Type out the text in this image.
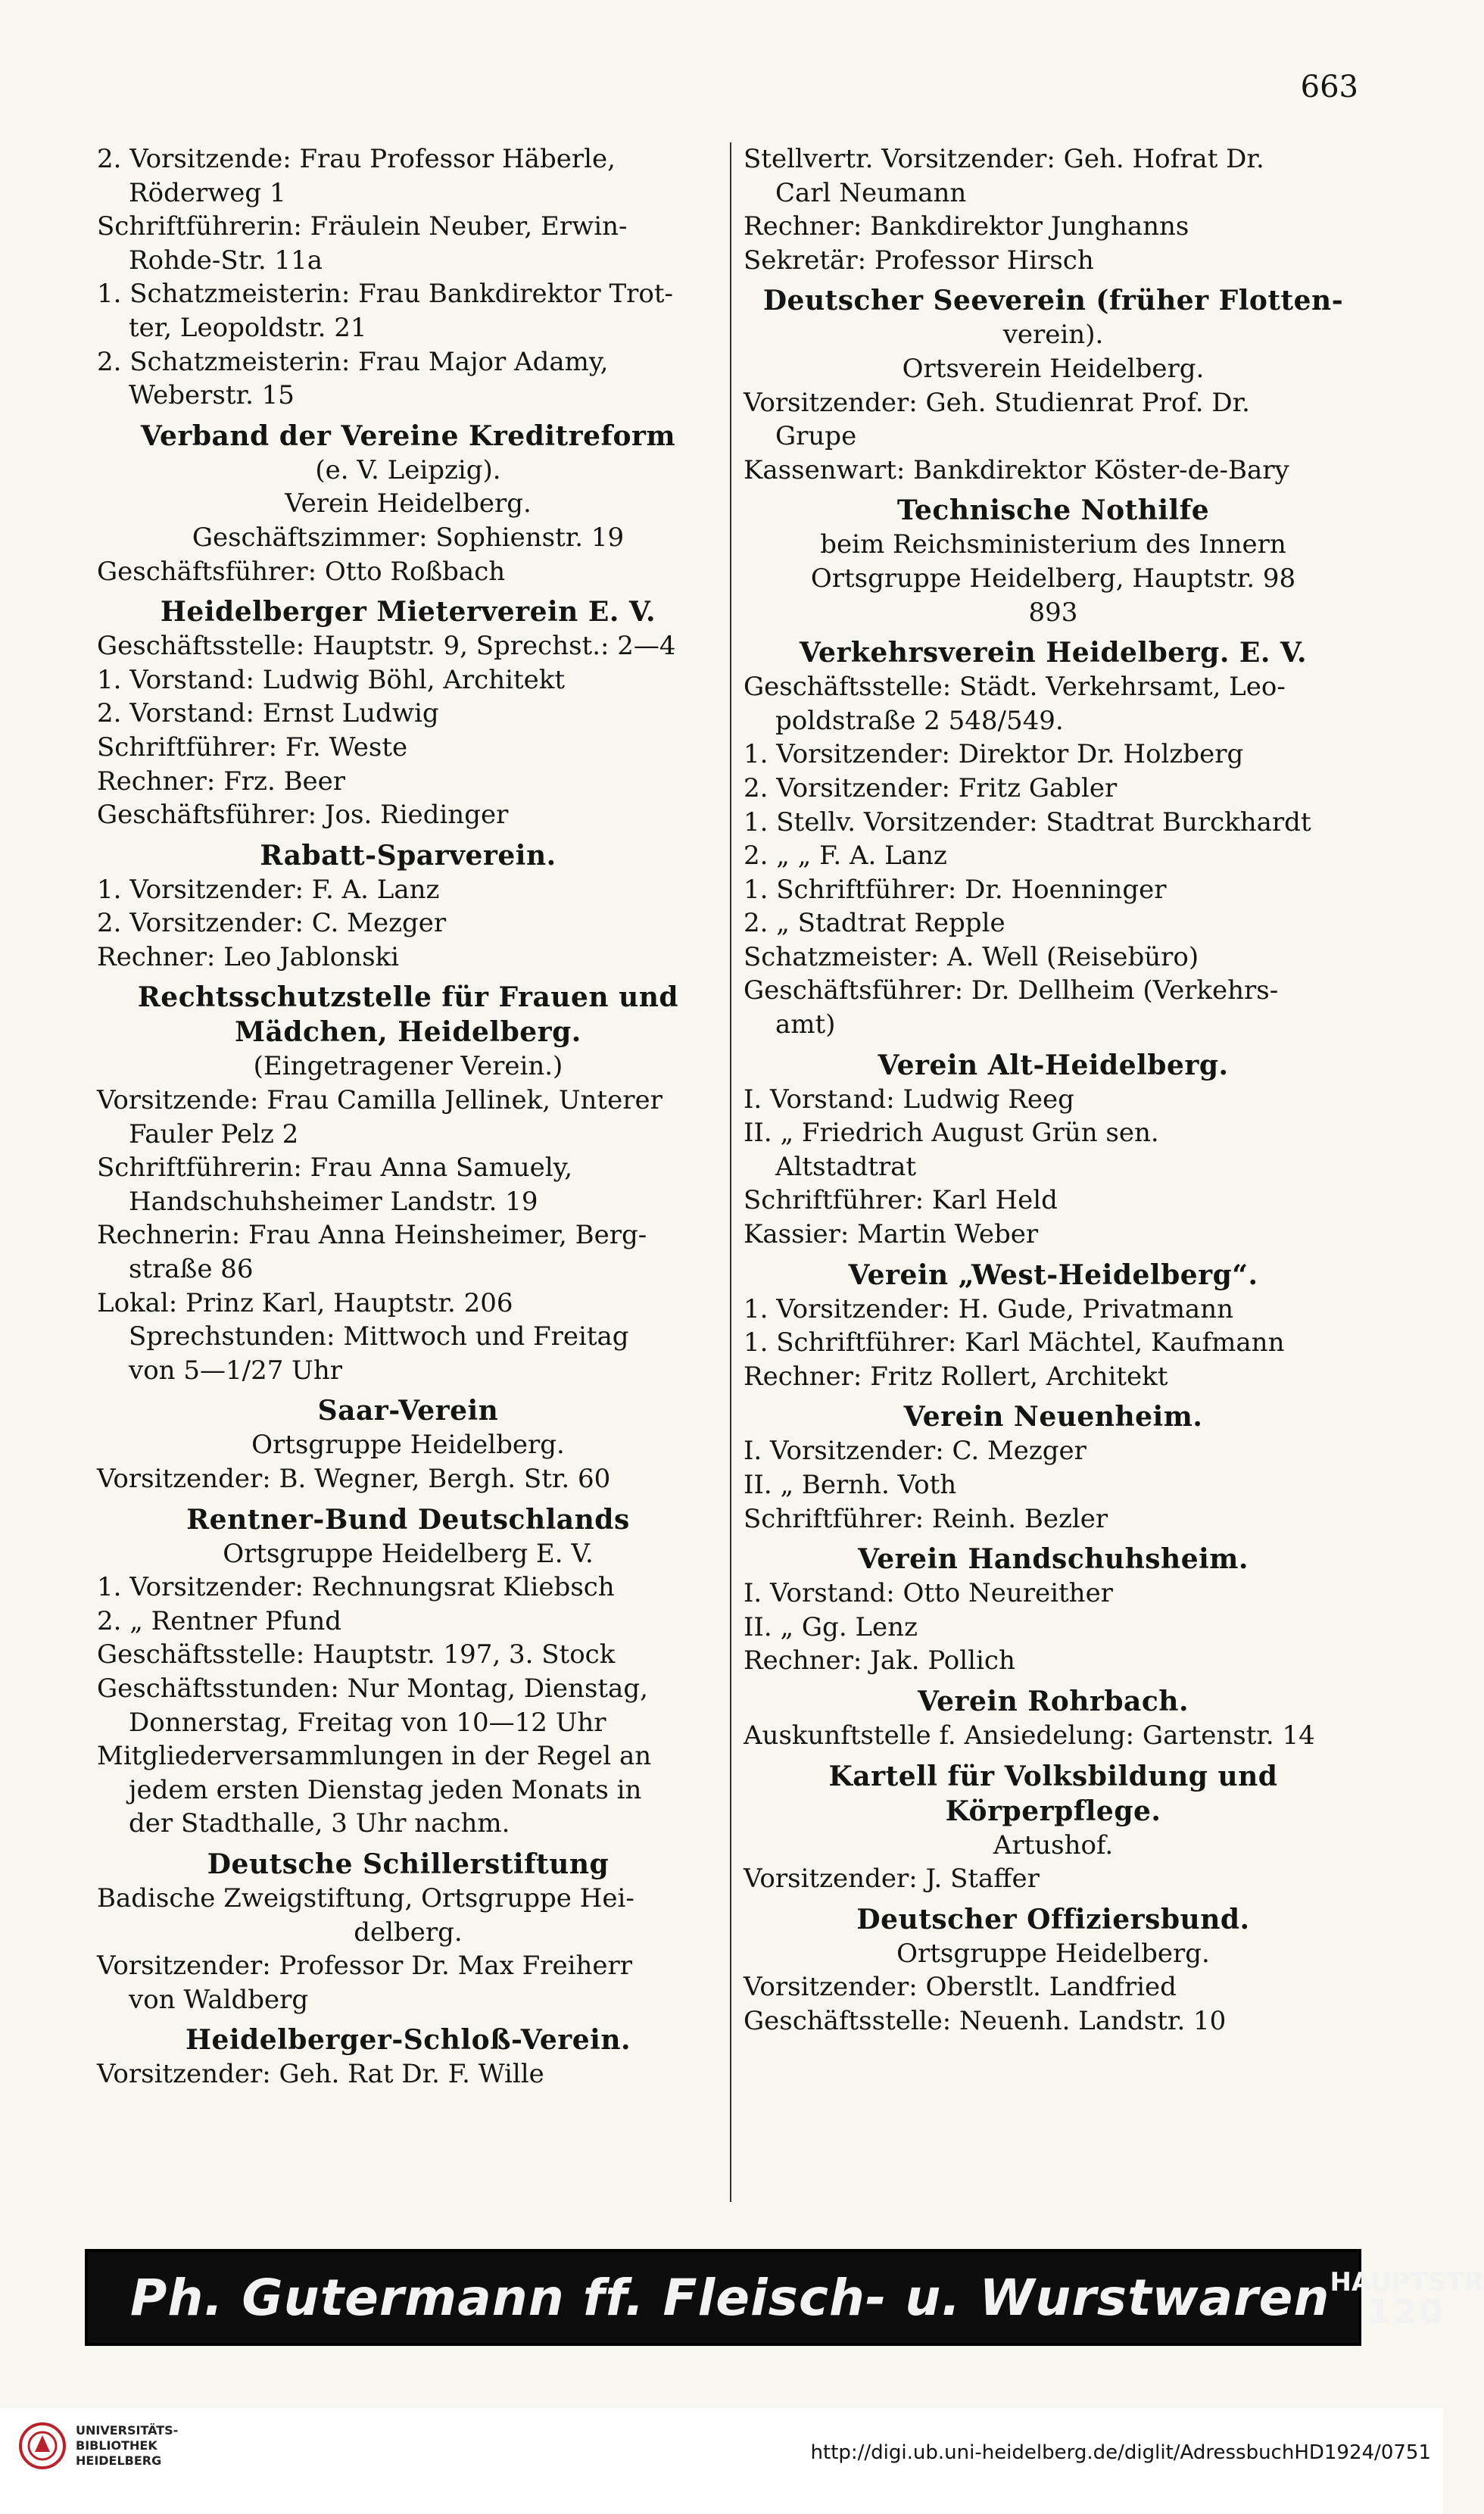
663
2. Vorsitzende: Frau Professor Häberle,
Röderweg 1
Schriftführerin: Fräulein Neuber, Erwin-
Rohde-Str. 11a
1. Schatzmeisterin: Frau Bankdirektor Trot-
ter, Leopoldstr. 21
2. Schatzmeisterin: Frau Major Adamy,
Weberstr. 15
Verband der Vereine Kreditreform
(e. V. Leipzig).
Verein Heidelberg.
Geschäftszimmer: Sophienstr. 19
Geschäftsführer: Otto Roßbach
Heidelberger Mieterverein E. V.
Geschäftsstelle: Hauptstr. 9, Sprechst.: 2—4
1. Vorstand: Ludwig Böhl, Architekt
2. Vorstand: Ernst Ludwig
Schriftführer: Fr. Weste
Rechner: Frz. Beer
Geschäftsführer: Jos. Riedinger
Rabatt-Sparverein.
1. Vorsitzender: F. A. Lanz
2. Vorsitzender: C. Mezger
Rechner: Leo Jablonski
Rechtsschutzstelle für Frauen und
Mädchen, Heidelberg.
(Eingetragener Verein.)
Vorsitzende: Frau Camilla Jellinek, Unterer
Fauler Pelz 2
Schriftführerin: Frau Anna Samuely,
Handschuhsheimer Landstr. 19
Rechnerin: Frau Anna Heinsheimer, Berg-
straße 86
Lokal: Prinz Karl, Hauptstr. 206
Sprechstunden: Mittwoch und Freitag
von 5—1/27 Uhr
Saar-Verein
Ortsgruppe Heidelberg.
Vorsitzender: B. Wegner, Bergh. Str. 60
Rentner-Bund Deutschlands
Ortsgruppe Heidelberg E. V.
1. Vorsitzender: Rechnungsrat Kliebsch
2. „ Rentner Pfund
Geschäftsstelle: Hauptstr. 197, 3. Stock
Geschäftsstunden: Nur Montag, Dienstag,
Donnerstag, Freitag von 10—12 Uhr
Mitgliederversammlungen in der Regel an
jedem ersten Dienstag jeden Monats in
der Stadthalle, 3 Uhr nachm.
Deutsche Schillerstiftung
Badische Zweigstiftung, Ortsgruppe Hei-
delberg.
Vorsitzender: Professor Dr. Max Freiherr
von Waldberg
Heidelberger-Schloß-Verein.
Vorsitzender: Geh. Rat Dr. F. Wille
Stellvertr. Vorsitzender: Geh. Hofrat Dr.
Carl Neumann
Rechner: Bankdirektor Junghanns
Sekretär: Professor Hirsch
Deutscher Seeverein (früher Flotten-
verein).
Ortsverein Heidelberg.
Vorsitzender: Geh. Studienrat Prof. Dr.
Grupe
Kassenwart: Bankdirektor Köster-de-Bary
Technische Nothilfe
beim Reichsministerium des Innern
Ortsgruppe Heidelberg, Hauptstr. 98
893
Verkehrsverein Heidelberg. E. V.
Geschäftsstelle: Städt. Verkehrsamt, Leo-
poldstraße 2 548/549.
1. Vorsitzender: Direktor Dr. Holzberg
2. Vorsitzender: Fritz Gabler
1. Stellv. Vorsitzender: Stadtrat Burckhardt
2. „ „ F. A. Lanz
1. Schriftführer: Dr. Hoenninger
2. „ Stadtrat Repple
Schatzmeister: A. Well (Reisebüro)
Geschäftsführer: Dr. Dellheim (Verkehrs-
amt)
Verein Alt-Heidelberg.
I. Vorstand: Ludwig Reeg
II. „ Friedrich August Grün sen.
Altstadtrat
Schriftführer: Karl Held
Kassier: Martin Weber
Verein „West-Heidelberg“.
1. Vorsitzender: H. Gude, Privatmann
1. Schriftführer: Karl Mächtel, Kaufmann
Rechner: Fritz Rollert, Architekt
Verein Neuenheim.
I. Vorsitzender: C. Mezger
II. „ Bernh. Voth
Schriftführer: Reinh. Bezler
Verein Handschuhsheim.
I. Vorstand: Otto Neureither
II. „ Gg. Lenz
Rechner: Jak. Pollich
Verein Rohrbach.
Auskunftstelle f. Ansiedelung: Gartenstr. 14
Kartell für Volksbildung und
Körperpflege.
Artushof.
Vorsitzender: J. Staffer
Deutscher Offiziersbund.
Ortsgruppe Heidelberg.
Vorsitzender: Oberstlt. Landfried
Geschäftsstelle: Neuenh. Landstr. 10
Ph. Gutermann ff. Fleisch- u. Wurstwaren HAUPTSTR
120
UNIVERSITÄTS-
BIBLIOTHEK
HEIDELBERG	http://digi.ub.uni-heidelberg.de/diglit/AdressbuchHD1924/0751
